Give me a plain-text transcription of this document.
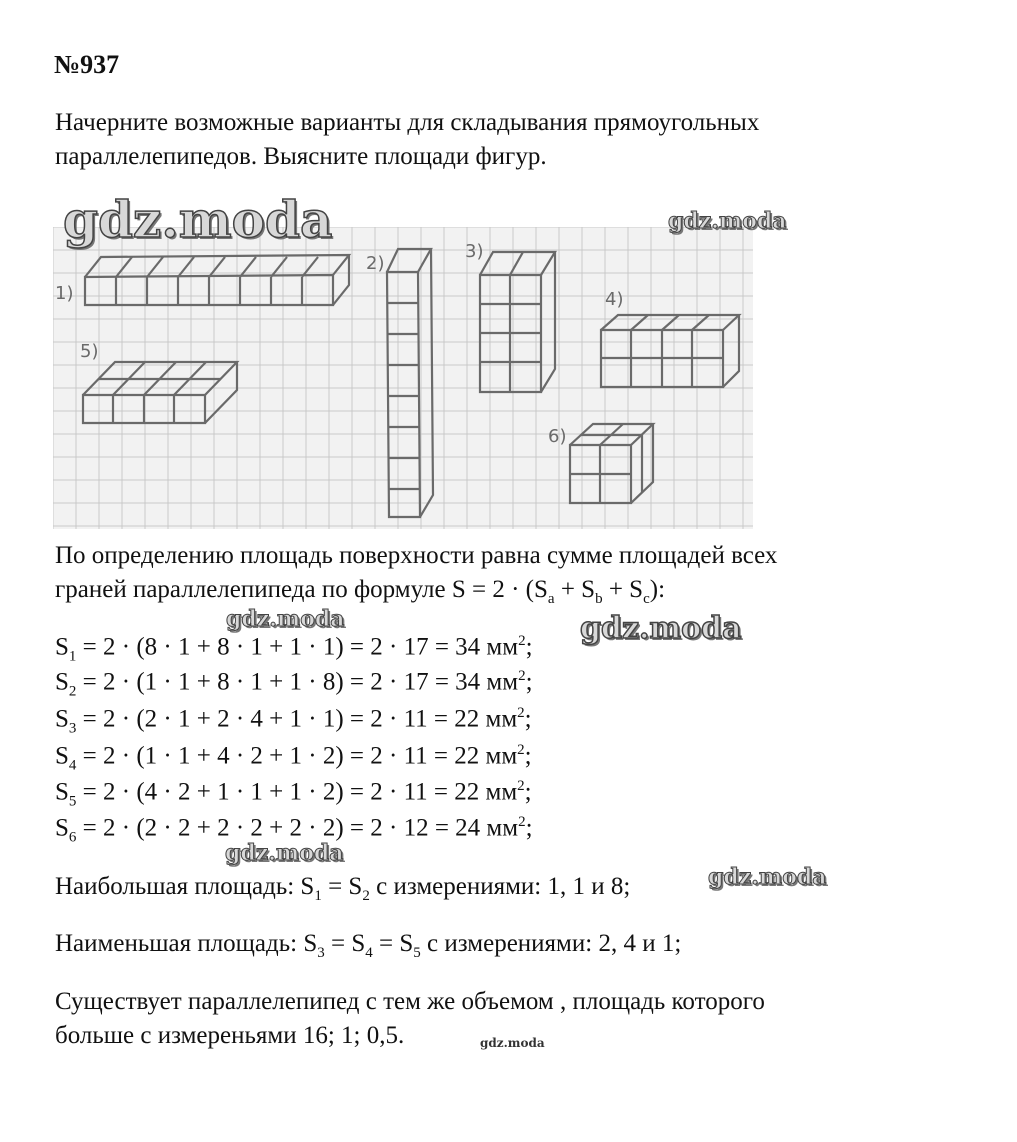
№937
Начерните возможные варианты для складывания прямоугольных
параллелепипедов. Выясните площади фигур.
1)
2)
3)
4)
5)
6)
gdz.moda	gdz.moda
По определению площадь поверхности равна сумме площадей всех
граней параллелепипеда по формуле $S = 2 \cdot (S_a + S_b + S_c)$:
gdz.moda	gdz.moda
$S_1 = 2 \cdot (8 \cdot 1 + 8 \cdot 1 + 1 \cdot 1) = 2 \cdot 17 = 34$ $мм^2$;
$S_2 = 2 \cdot (1 \cdot 1 + 8 \cdot 1 + 1 \cdot 8) = 2 \cdot 17 = 34$ $мм^2$;
$S_3 = 2 \cdot (2 \cdot 1 + 2 \cdot 4 + 1 \cdot 1) = 2 \cdot 11 = 22$ $мм^2$;
$S_4 = 2 \cdot (1 \cdot 1 + 4 \cdot 2 + 1 \cdot 2) = 2 \cdot 11 = 22$ $мм^2$;
$S_5 = 2 \cdot (4 \cdot 2 + 1 \cdot 1 + 1 \cdot 2) = 2 \cdot 11 = 22$ $мм^2$;
$S_6 = 2 \cdot (2 \cdot 2 + 2 \cdot 2 + 2 \cdot 2) = 2 \cdot 12 = 24$ $мм^2$;
gdz.moda
Наибольшая площадь: $S_1 = S_2$ с измерениями: 1, 1 и 8;	gdz.moda
Наименьшая площадь: $S_3 = S_4 = S_5$ с измерениями: 2, 4 и 1;
Существует параллелепипед с тем же объемом , площадь которого
больше с измереньями 16; 1; 0,5.	gdz.moda
